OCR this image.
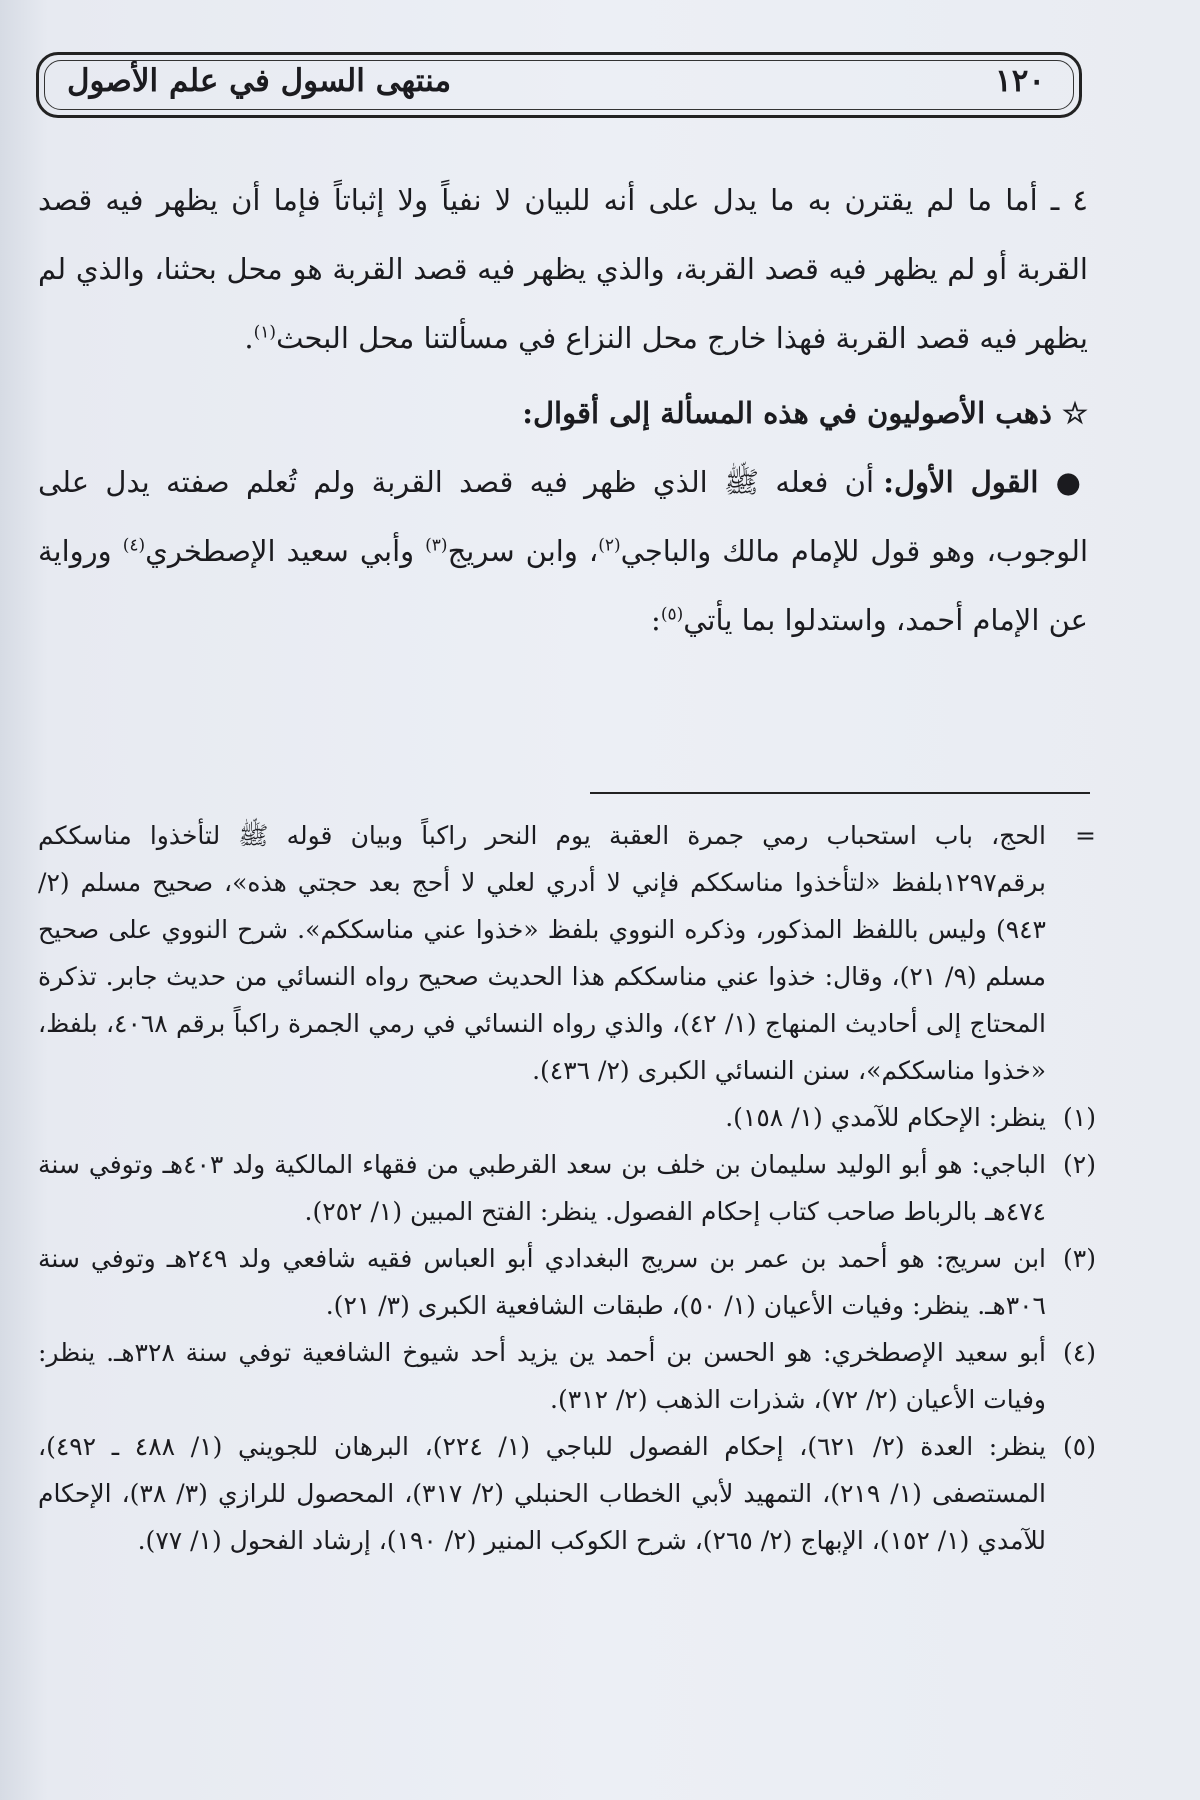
منتهى السول في علم الأصول	١٢٠

٤ ـ أما ما لم يقترن به ما يدل على أنه للبيان لا نفياً ولا إثباتاً فإما أن يظهر فيه قصد القربة أو لم يظهر فيه قصد القربة، والذي يظهر فيه قصد القربة هو محل بحثنا، والذي لم يظهر فيه قصد القربة فهذا خارج محل النزاع في مسألتنا محل البحث$^{(١)}$.

☆ ذهب الأصوليون في هذه المسألة إلى أقوال:

● القول الأول: أن فعله ﷺ الذي ظهر فيه قصد القربة ولم تُعلم صفته يدل على الوجوب، وهو قول للإمام مالك والباجي$^{(٢)}$، وابن سريج$^{(٣)}$ وأبي سعيد الإصطخري$^{(٤)}$ ورواية عن الإمام أحمد، واستدلوا بما يأتي$^{(٥)}$:

=
الحج، باب استحباب رمي جمرة العقبة يوم النحر راكباً وبيان قوله ﷺ لتأخذوا مناسككم برقم١٢٩٧بلفظ «لتأخذوا مناسككم فإني لا أدري لعلي لا أحج بعد حجتي هذه»، صحيح مسلم (٢/ ٩٤٣) وليس باللفظ المذكور، وذكره النووي بلفظ «خذوا عني مناسككم». شرح النووي على صحيح مسلم (٩/ ٢١)، وقال: خذوا عني مناسككم هذا الحديث صحيح رواه النسائي من حديث جابر. تذكرة المحتاج إلى أحاديث المنهاج (١/ ٤٢)، والذي رواه النسائي في رمي الجمرة راكباً برقم ٤٠٦٨، بلفظ، «خذوا مناسككم»، سنن النسائي الكبرى (٢/ ٤٣٦).
(١)
ينظر: الإحكام للآمدي (١/ ١٥٨).
(٢)
الباجي: هو أبو الوليد سليمان بن خلف بن سعد القرطبي من فقهاء المالكية ولد ٤٠٣هـ وتوفي سنة ٤٧٤هـ بالرباط صاحب كتاب إحكام الفصول. ينظر: الفتح المبين (١/ ٢٥٢).
(٣)
ابن سريج: هو أحمد بن عمر بن سريج البغدادي أبو العباس فقيه شافعي ولد ٢٤٩هـ وتوفي سنة ٣٠٦هـ. ينظر: وفيات الأعيان (١/ ٥٠)، طبقات الشافعية الكبرى (٣/ ٢١).
(٤)
أبو سعيد الإصطخري: هو الحسن بن أحمد ين يزيد أحد شيوخ الشافعية توفي سنة ٣٢٨هـ. ينظر: وفيات الأعيان (٢/ ٧٢)، شذرات الذهب (٢/ ٣١٢).
(٥)
ينظر: العدة (٢/ ٦٢١)، إحكام الفصول للباجي (١/ ٢٢٤)، البرهان للجويني (١/ ٤٨٨ ـ ٤٩٢)، المستصفى (١/ ٢١٩)، التمهيد لأبي الخطاب الحنبلي (٢/ ٣١٧)، المحصول للرازي (٣/ ٣٨)، الإحكام للآمدي (١/ ١٥٢)، الإبهاج (٢/ ٢٦٥)، شرح الكوكب المنير (٢/ ١٩٠)، إرشاد الفحول (١/ ٧٧).
